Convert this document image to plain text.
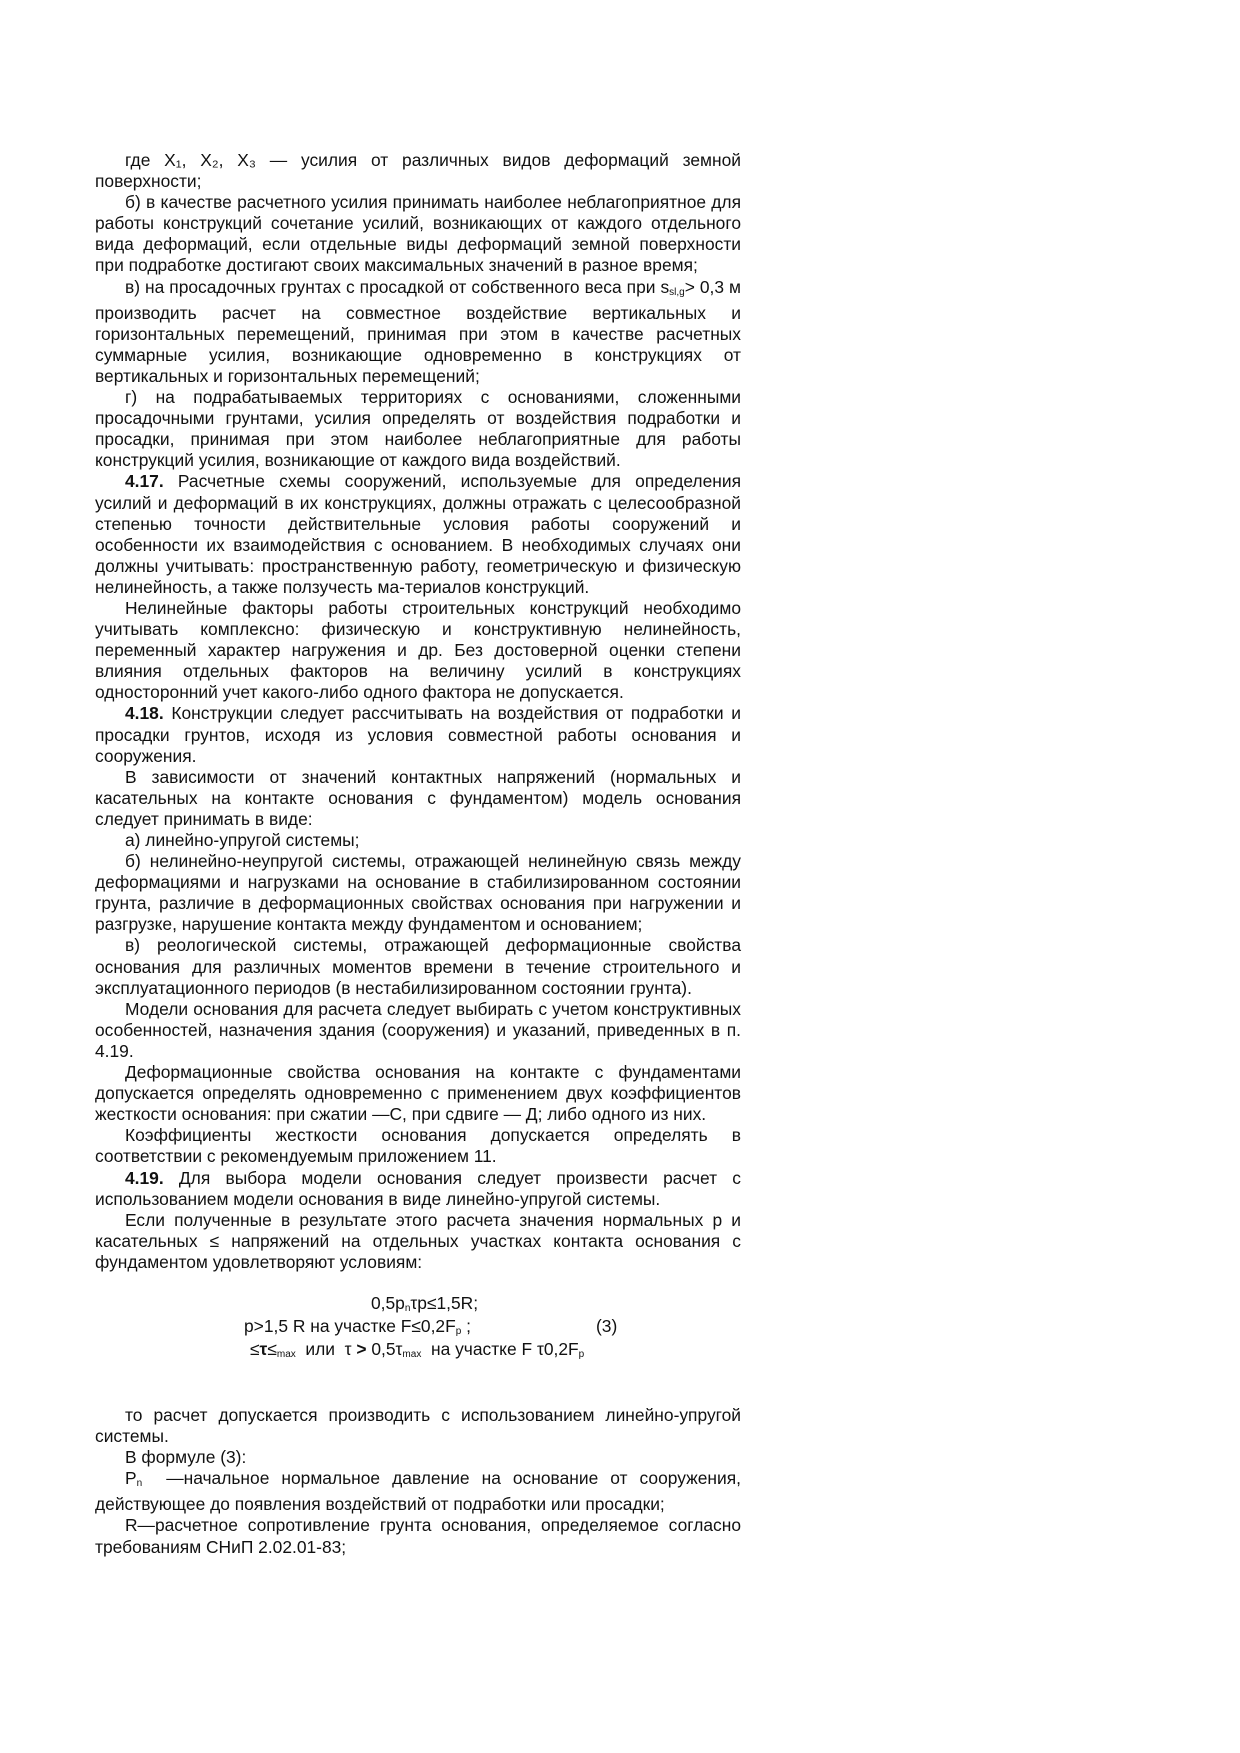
где X₁, X₂, X₃ — усилия от различных видов деформаций земной поверхности;

б) в качестве расчетного усилия принимать наиболее неблагоприятное для работы конструкций сочетание усилий, возникающих от каждого отдельного вида деформаций, если отдельные виды деформаций земной поверхности при подработке достигают своих максимальных значений в разное время;

в) на просадочных грунтах с просадкой от собственного веса при $s_{sl,g}> 0,3$ м производить расчет на совместное воздействие вертикальных и горизонтальных перемещений, принимая при этом в качестве расчетных суммарные усилия, возникающие одновременно в конструкциях от вертикальных и горизонтальных перемещений;

г) на подрабатываемых территориях с основаниями, сложенными просадочными грунтами, усилия определять от воздействия подработки и просадки, принимая при этом наиболее неблагоприятные для работы конструкций усилия, возникающие от каждого вида воздействий.

4.17. Расчетные схемы сооружений, используемые для определения усилий и деформаций в их конструкциях, должны отражать с целесообразной степенью точности действительные условия работы сооружений и особенности их взаимодействия с основанием. В необходимых случаях они должны учитывать: пространственную работу, геометрическую и физическую нелинейность, а также ползучесть ма-териалов конструкций.

Нелинейные факторы работы строительных конструкций необходимо учитывать комплексно: физическую и конструктивную нелинейность, переменный характер нагружения и др. Без достоверной оценки степени влияния отдельных факторов на величину усилий в конструкциях односторонний учет какого-либо одного фактора не допускается.

4.18. Конструкции следует рассчитывать на воздействия от подработки и просадки грунтов, исходя из условия совместной работы основания и сооружения.

В зависимости от значений контактных напряжений (нормальных и касательных на контакте основания с фундаментом) модель основания следует принимать в виде:

а) линейно-упругой системы;

б) нелинейно-неупругой системы, отражающей нелинейную связь между деформациями и нагрузками на основание в стабилизированном состоянии грунта, различие в деформационных свойствах основания при нагружении и разгрузке, нарушение контакта между фундаментом и основанием;

в) реологической системы, отражающей деформационные свойства основания для различных моментов времени в течение строительного и эксплуатационного периодов (в нестабилизированном состоянии грунта).

Модели основания для расчета следует выбирать с учетом конструктивных особенностей, назначения здания (сооружения) и указаний, приведенных в п. 4.19.

Деформационные свойства основания на контакте с фундаментами допускается определять одновременно с применением двух коэффициентов жесткости основания: при сжатии —С, при сдвиге — Д; либо одного из них.

Коэффициенты жесткости основания допускается определять в соответствии с рекомендуемым приложением 11.

4.19. Для выбора модели основания следует произвести расчет с использованием модели основания в виде линейно-упругой системы.

Если полученные в результате этого расчета значения нормальных р и касательных ≤ напряжений на отдельных участках контакта основания с фундаментом удовлетворяют условиям:

$0,5p_n\tau p\le 1,5R$;
p>1,5 R на участке $F\le 0,2F_p$ ;	(3)
$\le\tau\le_{max}$  или  $\tau > 0,5\tau_{max}$  на участке F $\tau 0,2F_p$

то расчет допускается производить с использованием линейно-упругой системы.

В формуле (3):

$P_n$  —начальное нормальное давление на основание от сооружения, действующее до появления воздействий от подработки или просадки;

R—расчетное сопротивление грунта основания, определяемое согласно требованиям СНиП 2.02.01-83;
